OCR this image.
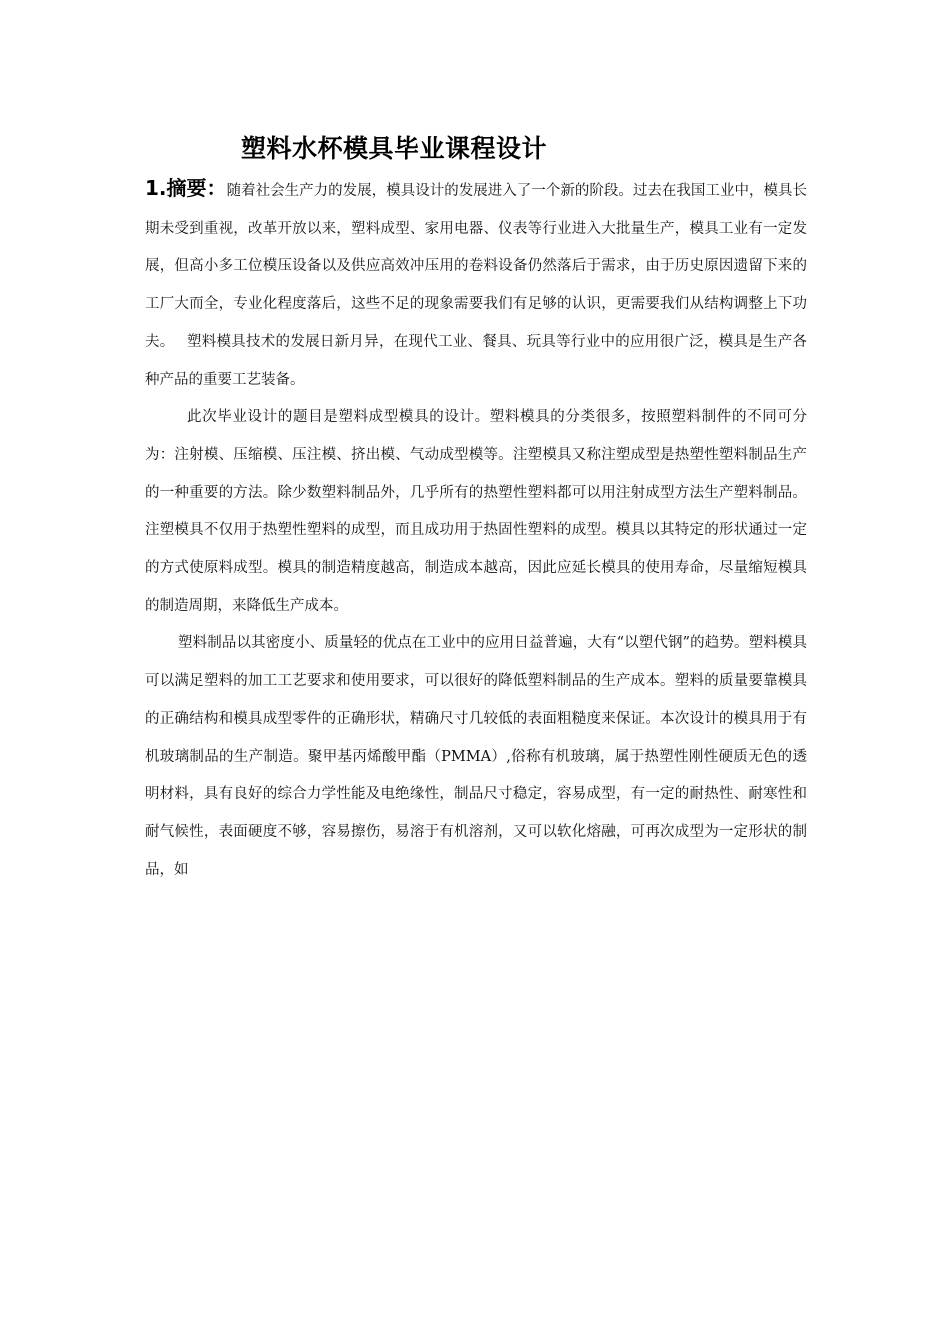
塑料水杯模具毕业课程设计

1.摘要：随着社会生产力的发展，模具设计的发展进入了一个新的阶段。过去在我国工业中，模具长期未受到重视，改革开放以来，塑料成型、家用电器、仪表等行业进入大批量生产，模具工业有一定发展，但高小多工位模压设备以及供应高效冲压用的卷料设备仍然落后于需求，由于历史原因遗留下来的工厂大而全，专业化程度落后，这些不足的现象需要我们有足够的认识，更需要我们从结构调整上下功夫。　 塑料模具技术的发展日新月异，在现代工业、餐具、玩具等行业中的应用很广泛，模具是生产各种产品的重要工艺装备。

此次毕业设计的题目是塑料成型模具的设计。塑料模具的分类很多，按照塑料制件的不同可分为：注射模、压缩模、压注模、挤出模、气动成型模等。注塑模具又称注塑成型是热塑性塑料制品生产的一种重要的方法。除少数塑料制品外，几乎所有的热塑性塑料都可以用注射成型方法生产塑料制品。注塑模具不仅用于热塑性塑料的成型，而且成功用于热固性塑料的成型。模具以其特定的形状通过一定的方式使原料成型。模具的制造精度越高，制造成本越高，因此应延长模具的使用寿命，尽量缩短模具的制造周期，来降低生产成本。

塑料制品以其密度小、质量轻的优点在工业中的应用日益普遍，大有“以塑代钢”的趋势。塑料模具可以满足塑料的加工工艺要求和使用要求，可以很好的降低塑料制品的生产成本。塑料的质量要靠模具的正确结构和模具成型零件的正确形状，精确尺寸几较低的表面粗糙度来保证。本次设计的模具用于有机玻璃制品的生产制造。聚甲基丙烯酸甲酯（PMMA）,俗称有机玻璃，属于热塑性刚性硬质无色的透明材料，具有良好的综合力学性能及电绝缘性，制品尺寸稳定，容易成型，有一定的耐热性、耐寒性和耐气候性，表面硬度不够，容易擦伤，易溶于有机溶剂，又可以软化熔融，可再次成型为一定形状的制品，如
